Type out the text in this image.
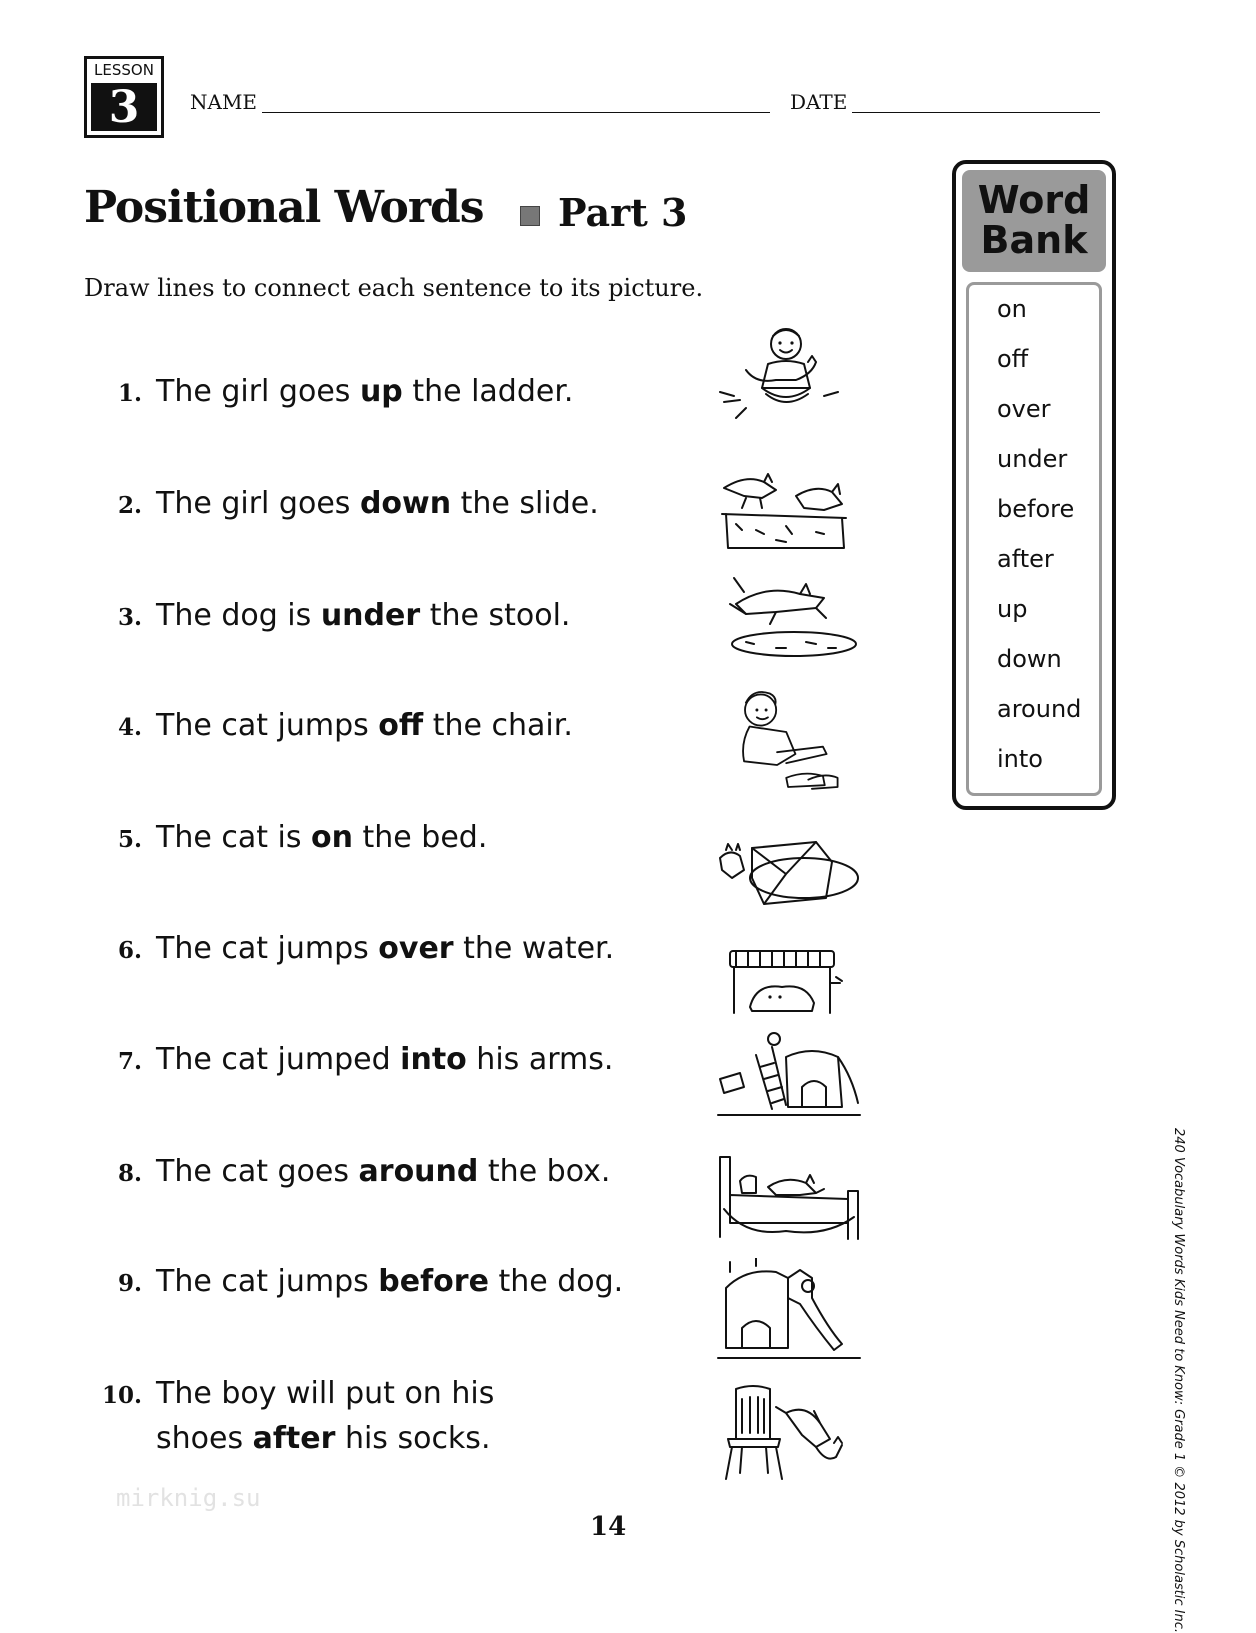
LESSON
3	NAME	DATE
Positional Words Part 3
Draw lines to connect each sentence to its picture.
1. The girl goes up the ladder.
2. The girl goes down the slide.
3. The dog is under the stool.
4. The cat jumps off the chair.
5. The cat is on the bed.
6. The cat jumps over the water.
7. The cat jumped into his arms.
8. The cat goes around the box.
9. The cat jumps before the dog.
10. The boy will put on his
shoes after his socks.
Word
Bank
on
off
over
under
before
after
up
down
around
into
mirknig.su
14	240 Vocabulary Words Kids Need to Know: Grade 1 © 2012 by Scholastic Inc.
